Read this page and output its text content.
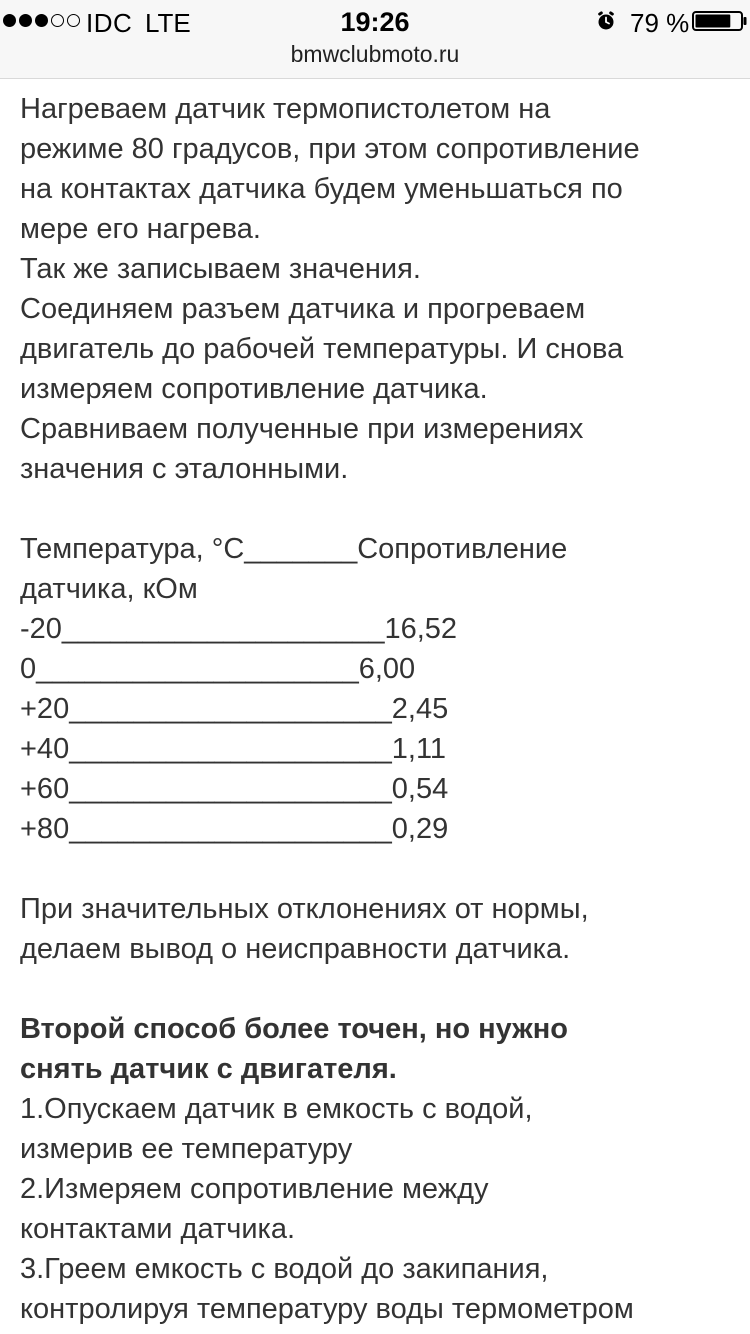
IDC LTE	19:26	79 %
bmwclubmoto.ru

Нагреваем датчик термопистолетом на

режиме 80 градусов, при этом сопротивление

на контактах датчика будем уменьшаться по

мере его нагрева.

Так же записываем значения.

Соединяем разъем датчика и прогреваем

двигатель до рабочей температуры. И снова

измеряем сопротивление датчика.

Сравниваем полученные при измерениях

значения с эталонными.

Температура, °С_______Сопротивление

датчика, кОм

-20____________________16,52

0____________________6,00

+20____________________2,45

+40____________________1,11

+60____________________0,54

+80____________________0,29

При значительных отклонениях от нормы,

делаем вывод о неисправности датчика.

Второй способ более точен, но нужно

снять датчик с двигателя.

1.Опускаем датчик в емкость с водой,

измерив ее температуру

2.Измеряем сопротивление между

контактами датчика.

3.Греем емкость с водой до закипания,

контролируя температуру воды термометром
